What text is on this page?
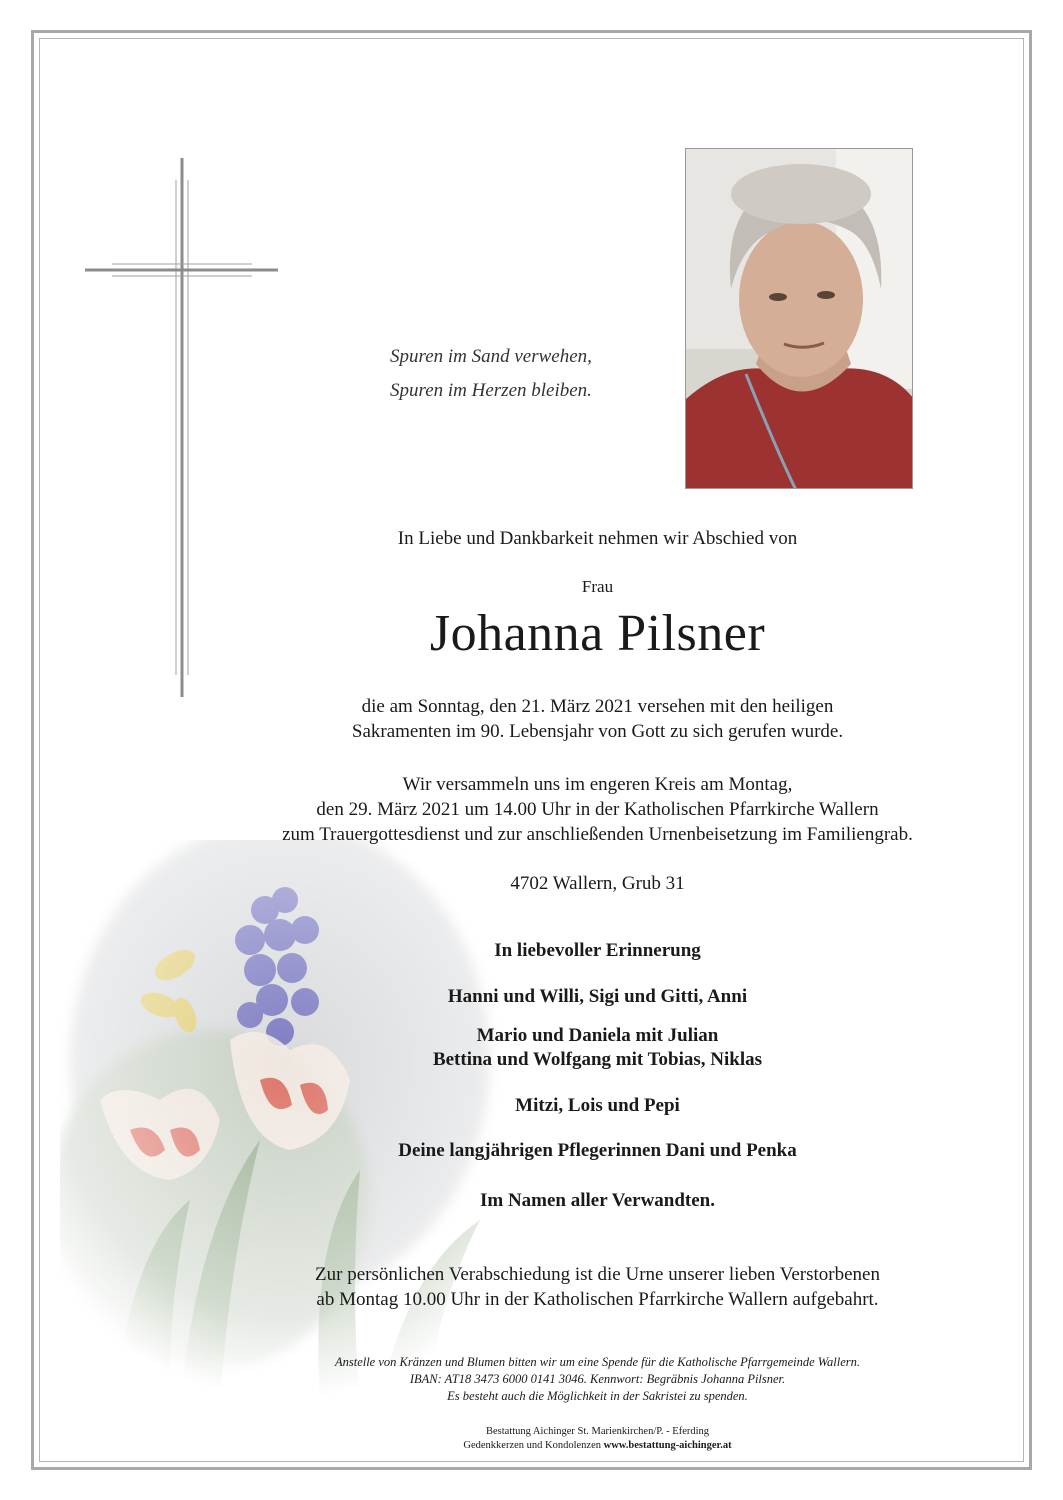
Spuren im Sand verwehen,
Spuren im Herzen bleiben.
In Liebe und Dankbarkeit nehmen wir Abschied von
Frau
Johanna Pilsner
die am Sonntag, den 21. März 2021 versehen mit den heiligen
Sakramenten im 90. Lebensjahr von Gott zu sich gerufen wurde.
Wir versammeln uns im engeren Kreis am Montag,
den 29. März 2021 um 14.00 Uhr in der Katholischen Pfarrkirche Wallern
zum Trauergottesdienst und zur anschließenden Urnenbeisetzung im Familiengrab.
4702 Wallern, Grub 31
In liebevoller Erinnerung
Hanni und Willi, Sigi und Gitti, Anni
Mario und Daniela mit Julian
Bettina und Wolfgang mit Tobias, Niklas
Mitzi, Lois und Pepi
Deine langjährigen Pflegerinnen Dani und Penka
Im Namen aller Verwandten.
Zur persönlichen Verabschiedung ist die Urne unserer lieben Verstorbenen
ab Montag 10.00 Uhr in der Katholischen Pfarrkirche Wallern aufgebahrt.
Anstelle von Kränzen und Blumen bitten wir um eine Spende für die Katholische Pfarrgemeinde Wallern.
IBAN: AT18 3473 6000 0141 3046. Kennwort: Begräbnis Johanna Pilsner.
Es besteht auch die Möglichkeit in der Sakristei zu spenden.
Bestattung Aichinger St. Marienkirchen/P. - Eferding
Gedenkkerzen und Kondolenzen www.bestattung-aichinger.at
